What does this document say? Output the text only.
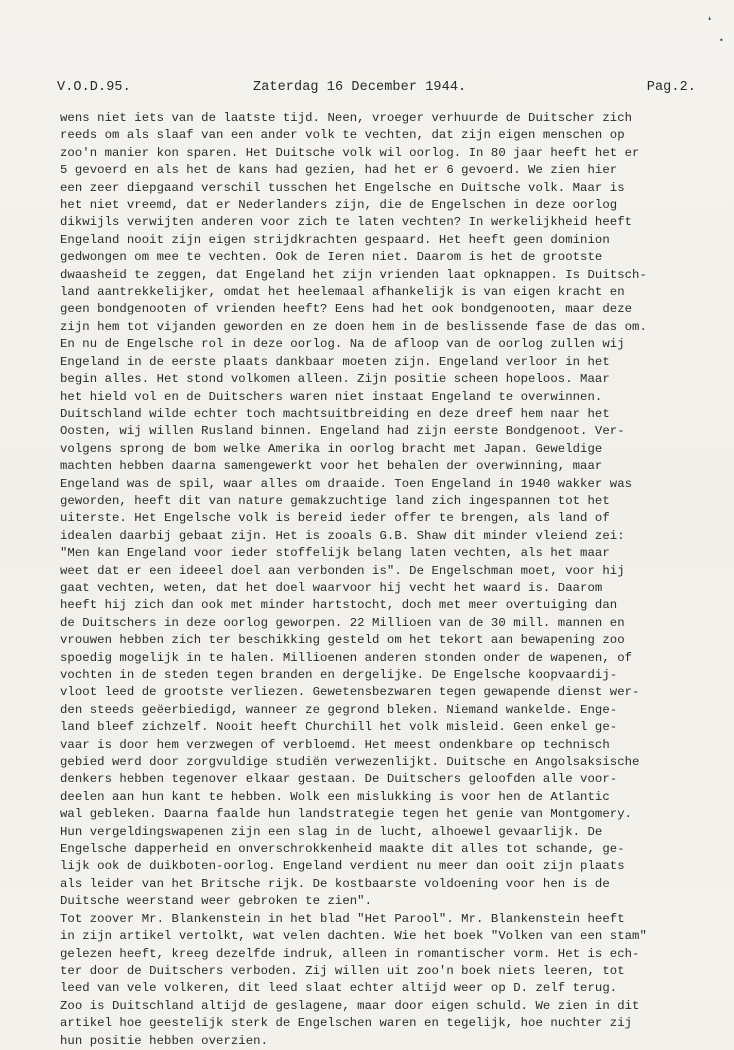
❛
•
V.O.D.95.	Zaterdag 16 December 1944.	Pag.2.
wens niet iets van de laatste tijd. Neen, vroeger verhuurde de Duitscher zich
reeds om als slaaf van een ander volk te vechten, dat zijn eigen menschen op
zoo'n manier kon sparen. Het Duitsche volk wil oorlog. In 80 jaar heeft het er
5 gevoerd en als het de kans had gezien, had het er 6 gevoerd. We zien hier
een zeer diepgaand verschil tusschen het Engelsche en Duitsche volk. Maar is
het niet vreemd, dat er Nederlanders zijn, die de Engelschen in deze oorlog
dikwijls verwijten anderen voor zich te laten vechten? In werkelijkheid heeft
Engeland nooit zijn eigen strijdkrachten gespaard. Het heeft geen dominion
gedwongen om mee te vechten. Ook de Ieren niet. Daarom is het de grootste
dwaasheid te zeggen, dat Engeland het zijn vrienden laat opknappen. Is Duitsch-
land aantrekkelijker, omdat het heelemaal afhankelijk is van eigen kracht en
geen bondgenooten of vrienden heeft? Eens had het ook bondgenooten, maar deze
zijn hem tot vijanden geworden en ze doen hem in de beslissende fase de das om.
En nu de Engelsche rol in deze oorlog. Na de afloop van de oorlog zullen wij
Engeland in de eerste plaats dankbaar moeten zijn. Engeland verloor in het
begin alles. Het stond volkomen alleen. Zijn positie scheen hopeloos. Maar
het hield vol en de Duitschers waren niet instaat Engeland te overwinnen.
Duitschland wilde echter toch machtsuitbreiding en deze dreef hem naar het
Oosten, wij willen Rusland binnen. Engeland had zijn eerste Bondgenoot. Ver-
volgens sprong de bom welke Amerika in oorlog bracht met Japan. Geweldige
machten hebben daarna samengewerkt voor het behalen der overwinning, maar
Engeland was de spil, waar alles om draaide. Toen Engeland in 1940 wakker was
geworden, heeft dit van nature gemakzuchtige land zich ingespannen tot het
uiterste. Het Engelsche volk is bereid ieder offer te brengen, als land of
idealen daarbij gebaat zijn. Het is zooals G.B. Shaw dit minder vleiend zei:
"Men kan Engeland voor ieder stoffelijk belang laten vechten, als het maar
weet dat er een ideeel doel aan verbonden is". De Engelschman moet, voor hij
gaat vechten, weten, dat het doel waarvoor hij vecht het waard is. Daarom
heeft hij zich dan ook met minder hartstocht, doch met meer overtuiging dan
de Duitschers in deze oorlog geworpen. 22 Millioen van de 30 mill. mannen en
vrouwen hebben zich ter beschikking gesteld om het tekort aan bewapening zoo
spoedig mogelijk in te halen. Millioenen anderen stonden onder de wapenen, of
vochten in de steden tegen branden en dergelijke. De Engelsche koopvaardij-
vloot leed de grootste verliezen. Gewetensbezwaren tegen gewapende dienst wer-
den steeds geëerbiedigd, wanneer ze gegrond bleken. Niemand wankelde. Enge-
land bleef zichzelf. Nooit heeft Churchill het volk misleid. Geen enkel ge-
vaar is door hem verzwegen of verbloemd. Het meest ondenkbare op technisch
gebied werd door zorgvuldige studiën verwezenlijkt. Duitsche en Angolsaksische
denkers hebben tegenover elkaar gestaan. De Duitschers geloofden alle voor-
deelen aan hun kant te hebben. Wolk een mislukking is voor hen de Atlantic
wal gebleken. Daarna faalde hun landstrategie tegen het genie van Montgomery.
Hun vergeldingswapenen zijn een slag in de lucht, alhoewel gevaarlijk. De
Engelsche dapperheid en onverschrokkenheid maakte dit alles tot schande, ge-
lijk ook de duikboten-oorlog. Engeland verdient nu meer dan ooit zijn plaats
als leider van het Britsche rijk. De kostbaarste voldoening voor hen is de
Duitsche weerstand weer gebroken te zien".
Tot zoover Mr. Blankenstein in het blad "Het Parool". Mr. Blankenstein heeft
in zijn artikel vertolkt, wat velen dachten. Wie het boek "Volken van een stam"
gelezen heeft, kreeg dezelfde indruk, alleen in romantischer vorm. Het is ech-
ter door de Duitschers verboden. Zij willen uit zoo'n boek niets leeren, tot
leed van vele volkeren, dit leed slaat echter altijd weer op D. zelf terug.
Zoo is Duitschland altijd de geslagene, maar door eigen schuld. We zien in dit
artikel hoe geestelijk sterk de Engelschen waren en tegelijk, hoe nuchter zij
hun positie hebben overzien.
